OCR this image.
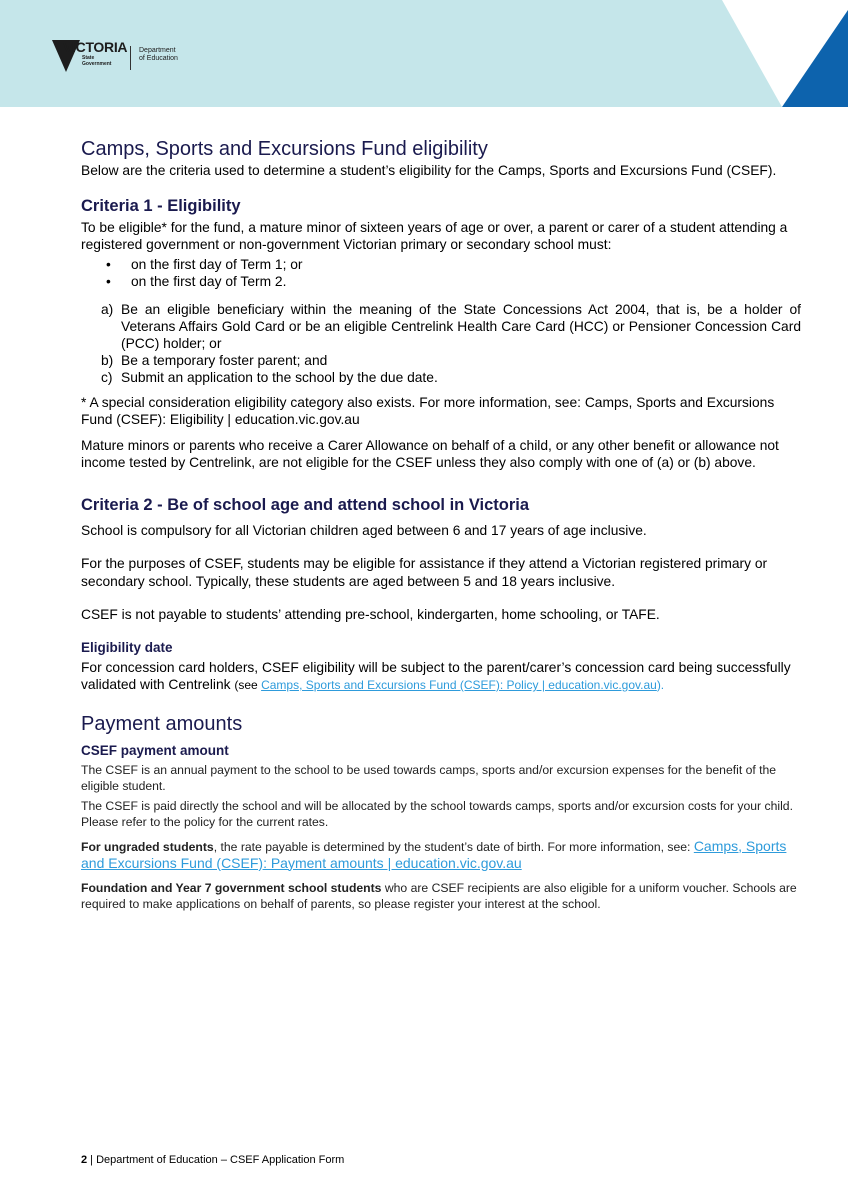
VICTORIA
State
Government
Department
of Education
Camps, Sports and Excursions Fund eligibility

Below are the criteria used to determine a student’s eligibility for the Camps, Sports and Excursions Fund (CSEF).

Criteria 1 - Eligibility

To be eligible* for the fund, a mature minor of sixteen years of age or over, a parent or carer of a student attending a registered government or non-government Victorian primary or secondary school must:

• on the first day of Term 1; or
• on the first day of Term 2.
a) Be an eligible beneficiary within the meaning of the State Concessions Act 2004, that is, be a holder of Veterans Affairs Gold Card or be an eligible Centrelink Health Care Card (HCC) or Pensioner Concession Card (PCC) holder; or
b) Be a temporary foster parent; and
c) Submit an application to the school by the due date.

* A special consideration eligibility category also exists. For more information, see: Camps, Sports and Excursions Fund (CSEF): Eligibility | education.vic.gov.au

Mature minors or parents who receive a Carer Allowance on behalf of a child, or any other benefit or allowance not income tested by Centrelink, are not eligible for the CSEF unless they also comply with one of (a) or (b) above.

Criteria 2 - Be of school age and attend school in Victoria

School is compulsory for all Victorian children aged between 6 and 17 years of age inclusive.

For the purposes of CSEF, students may be eligible for assistance if they attend a Victorian registered primary or secondary school. Typically, these students are aged between 5 and 18 years inclusive.

CSEF is not payable to students’ attending pre-school, kindergarten, home schooling, or TAFE.

Eligibility date

For concession card holders, CSEF eligibility will be subject to the parent/carer’s concession card being successfully validated with Centrelink (see Camps, Sports and Excursions Fund (CSEF): Policy | education.vic.gov.au).

Payment amounts
CSEF payment amount

The CSEF is an annual payment to the school to be used towards camps, sports and/or excursion expenses for the benefit of the eligible student.

The CSEF is paid directly the school and will be allocated by the school towards camps, sports and/or excursion costs for your child. Please refer to the policy for the current rates.

For ungraded students, the rate payable is determined by the student’s date of birth. For more information, see: Camps, Sports and Excursions Fund (CSEF): Payment amounts | education.vic.gov.au

Foundation and Year 7 government school students who are CSEF recipients are also eligible for a uniform voucher. Schools are required to make applications on behalf of parents, so please register your interest at the school.

2 | Department of Education – CSEF Application Form
